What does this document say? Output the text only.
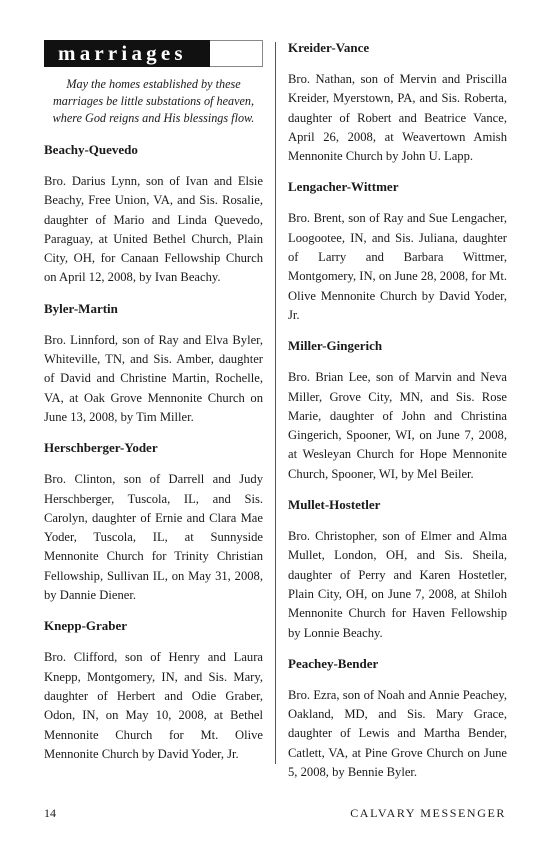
marriages

May the homes established by these marriages be little substations of heaven, where God reigns and His blessings flow.

Beachy-Quevedo

Bro. Darius Lynn, son of Ivan and Elsie Beachy, Free Union, VA, and Sis. Rosalie, daughter of Mario and Linda Quevedo, Paraguay, at United Bethel Church, Plain City, OH, for Canaan Fellowship Church on April 12, 2008, by Ivan Beachy.

Byler-Martin

Bro. Linnford, son of Ray and Elva Byler, Whiteville, TN, and Sis. Amber, daughter of David and Christine Martin, Rochelle, VA, at Oak Grove Mennonite Church on June 13, 2008, by Tim Miller.

Herschberger-Yoder

Bro. Clinton, son of Darrell and Judy Herschberger, Tuscola, IL, and Sis. Carolyn, daughter of Ernie and Clara Mae Yoder, Tuscola, IL, at Sunnyside Mennonite Church for Trinity Christian Fellowship, Sullivan IL, on May 31, 2008, by Dannie Diener.

Knepp-Graber

Bro. Clifford, son of Henry and Laura Knepp, Montgomery, IN, and Sis. Mary, daughter of Herbert and Odie Graber, Odon, IN, on May 10, 2008, at Bethel Mennonite Church for Mt. Olive Mennonite Church by David Yoder, Jr.

Kreider-Vance

Bro. Nathan, son of Mervin and Priscilla Kreider, Myerstown, PA, and Sis. Roberta, daughter of Robert and Beatrice Vance, April 26, 2008, at Weavertown Amish Mennonite Church by John U. Lapp.

Lengacher-Wittmer

Bro. Brent, son of Ray and Sue Lengacher, Loogootee, IN, and Sis. Juliana, daughter of Larry and Barbara Wittmer, Montgomery, IN, on June 28, 2008, for Mt. Olive Mennonite Church by David Yoder, Jr.

Miller-Gingerich

Bro. Brian Lee, son of Marvin and Neva Miller, Grove City, MN, and Sis. Rose Marie, daughter of John and Christina Gingerich, Spooner, WI, on June 7, 2008, at Wesleyan Church for Hope Mennonite Church, Spooner, WI, by Mel Beiler.

Mullet-Hostetler

Bro. Christopher, son of Elmer and Alma Mullet, London, OH, and Sis. Sheila, daughter of Perry and Karen Hostetler, Plain City, OH, on June 7, 2008, at Shiloh Mennonite Church for Haven Fellowship by Lonnie Beachy.

Peachey-Bender

Bro. Ezra, son of Noah and Annie Peachey, Oakland, MD, and Sis. Mary Grace, daughter of Lewis and Martha Bender, Catlett, VA, at Pine Grove Church on June 5, 2008, by Bennie Byler.

14	CALVARY MESSENGER
